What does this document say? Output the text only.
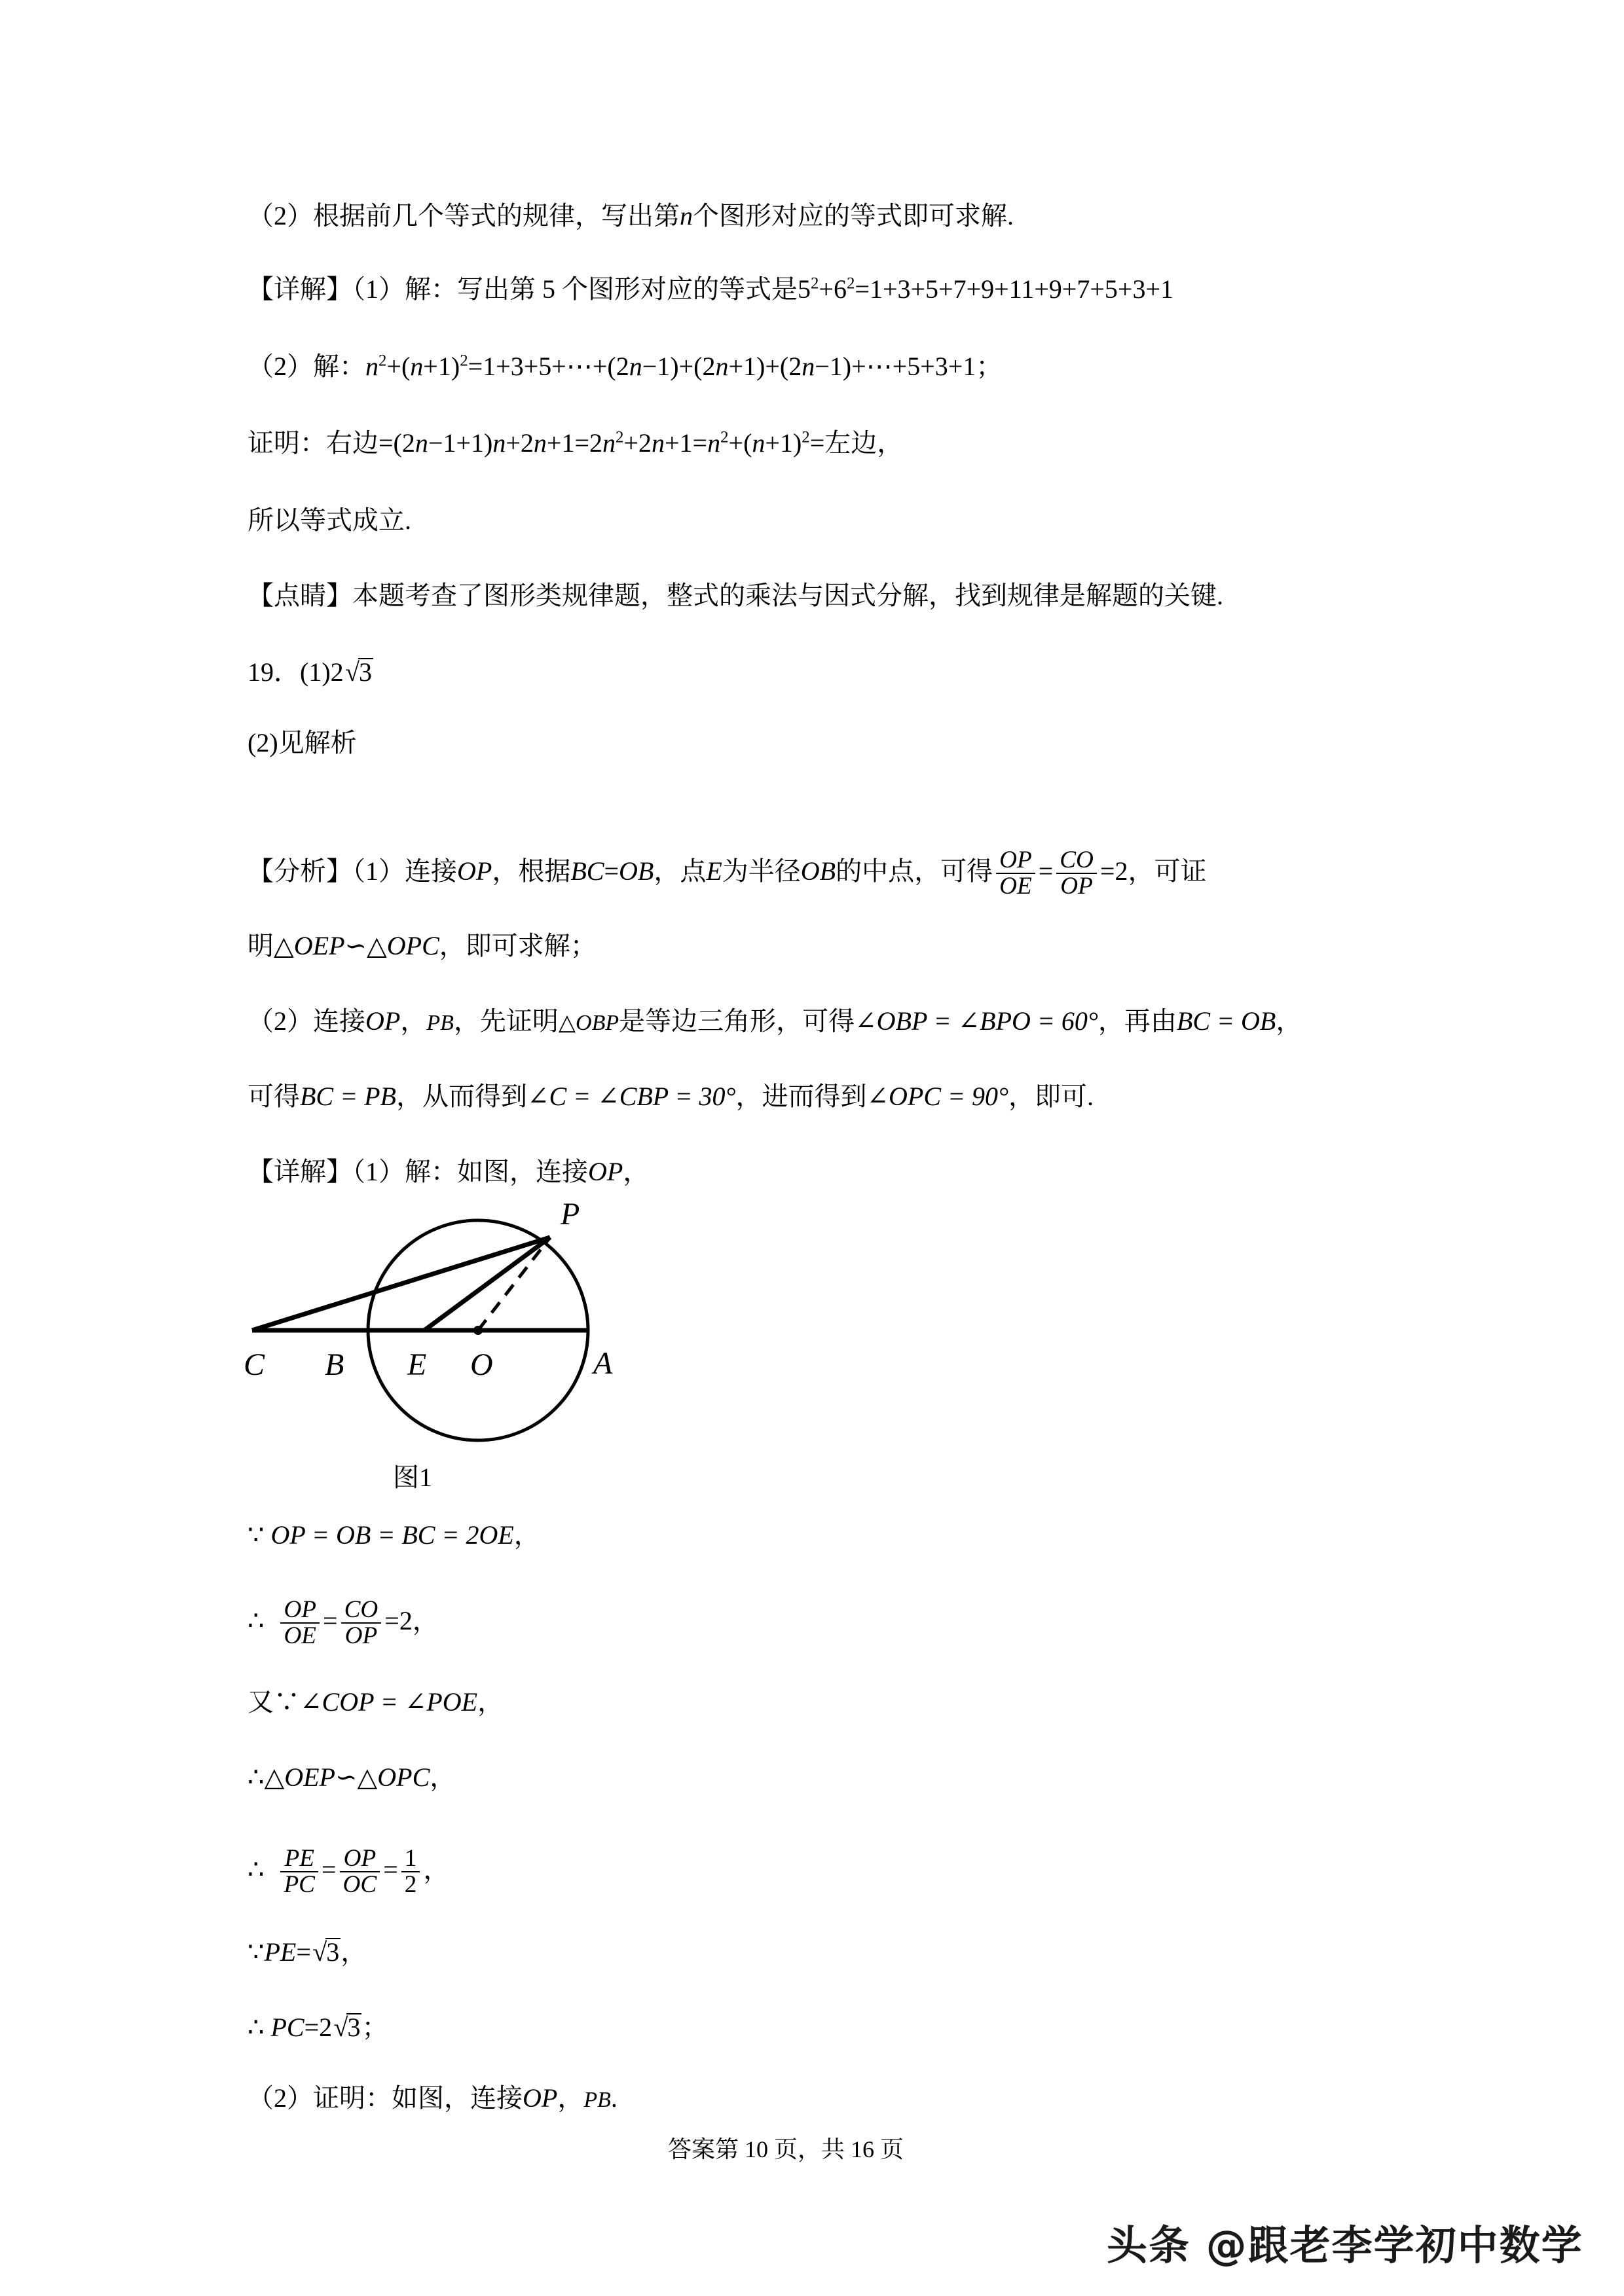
（2）根据前几个等式的规律，写出第n个图形对应的等式即可求解.
【详解】（1）解：写出第 5 个图形对应的等式是$5^2+6^2=1+3+5+7+9+11+9+7+5+3+1$
（2）解：$n^2+(n+1)^2=1+3+5+\cdots+(2n-1)+(2n+1)+(2n-1)+\cdots+5+3+1$；
证明：右边$=(2n-1+1)n+2n+1=2n^2+2n+1=n^2+(n+1)^2=$左边，
所以等式成立.
【点睛】本题考查了图形类规律题，整式的乘法与因式分解，找到规律是解题的关键.
19．(1)2√3
(2)见解析
【分析】（1）连接OP，根据BC=OB，点E为半径OB的中点，可得 $\frac{OP}{OE} = \frac{CO}{OP} =2$，可证
明△OEP∽△OPC，即可求解；
（2）连接OP，PB，先证明△OBP是等边三角形，可得∠OBP = ∠BPO = 60°，再由BC = OB，
可得BC = PB，从而得到∠C = ∠CBP = 30°，进而得到∠OPC = 90°，即可.
【详解】（1）解：如图，连接OP，
C B E O	A
P
图1
∵ OP = OB = BC = 2OE，
∴ $\frac{OP}{OE} = \frac{CO}{OP} =2$，
又∵∠COP = ∠POE，
∴△OEP∽△OPC，
∴ $\frac{PE}{PC} = \frac{OP}{OC} = \frac{1}{2}$ ，
∵PE=√3，
∴ PC=2√3；
（2）证明：如图，连接OP，PB.
答案第 10 页，共 16 页
头条 @跟老李学初中数学
